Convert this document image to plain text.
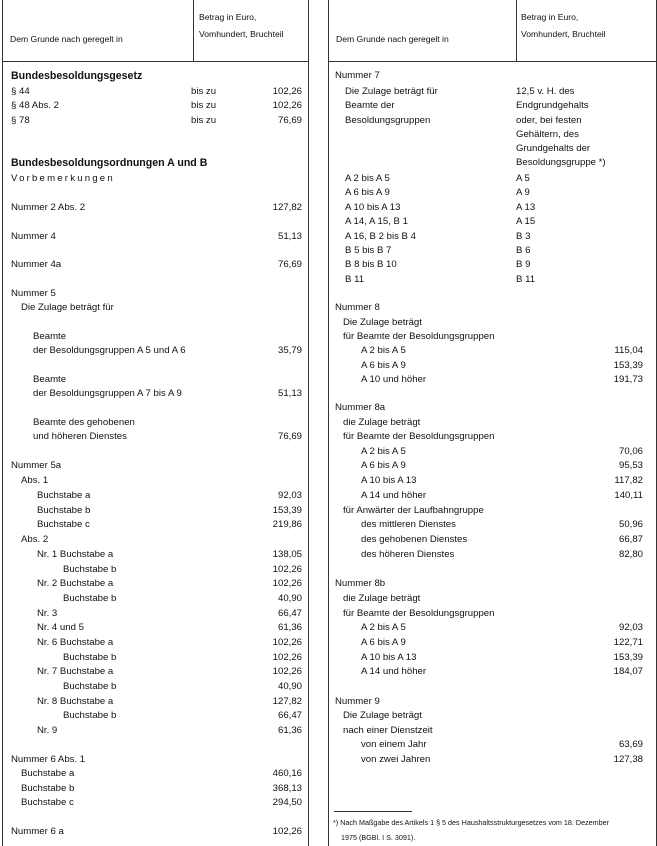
Dem Grunde nach geregelt in
Betrag in Euro,
Vomhundert, Bruchteil
Bundesbesoldungsgesetz
§ 44	bis zu	102,26
§ 48 Abs. 2	bis zu	102,26
§ 78	bis zu	76,69
Bundesbesoldungsordnungen A und B
Vorbemerkungen
Nummer 2 Abs. 2	127,82
Nummer 4	51,13
Nummer 4a	76,69
Nummer 5
Die Zulage beträgt für
Beamte
der Besoldungsgruppen A 5 und A 6	35,79
Beamte
der Besoldungsgruppen A 7 bis A 9	51,13
Beamte des gehobenen
und höheren Dienstes	76,69
Nummer 5a
Abs. 1
Buchstabe a	92,03
Buchstabe b	153,39
Buchstabe c	219,86
Abs. 2
Nr. 1 Buchstabe a	138,05
Buchstabe b	102,26
Nr. 2 Buchstabe a	102,26
Buchstabe b	40,90
Nr. 3	66,47
Nr. 4 und 5	61,36
Nr. 6 Buchstabe a	102,26
Buchstabe b	102,26
Nr. 7 Buchstabe a	102,26
Buchstabe b	40,90
Nr. 8 Buchstabe a	127,82
Buchstabe b	66,47
Nr. 9	61,36
Nummer 6 Abs. 1
Buchstabe a	460,16
Buchstabe b	368,13
Buchstabe c	294,50
Nummer 6 a	102,26
Dem Grunde nach geregelt in
Betrag in Euro,
Vomhundert, Bruchteil
Nummer 7
Die Zulage beträgt für	12,5 v. H. des
Beamte der	Endgrundgehalts
Besoldungsgruppen	oder, bei festen
Gehältern, des
Grundgehalts der
Besoldungsgruppe *)
A 2 bis A 5	A 5
A 6 bis A 9	A 9
A 10 bis A 13	A 13
A 14, A 15, B 1	A 15
A 16, B 2 bis B 4	B 3
B 5 bis B 7	B 6
B 8 bis B 10	B 9
B 11	B 11
Nummer 8
Die Zulage beträgt
für Beamte der Besoldungsgruppen
A 2 bis A 5	115,04
A 6 bis A 9	153,39
A 10 und höher	191,73
Nummer 8a
die Zulage beträgt
für Beamte der Besoldungsgruppen
A 2 bis A 5	70,06
A 6 bis A 9	95,53
A 10 bis A 13	117,82
A 14 und höher	140,11
für Anwärter der Laufbahngruppe
des mittleren Dienstes	50,96
des gehobenen Dienstes	66,87
des höheren Dienstes	82,80
Nummer 8b
die Zulage beträgt
für Beamte der Besoldungsgruppen
A 2 bis A 5	92,03
A 6 bis A 9	122,71
A 10 bis A 13	153,39
A 14 und höher	184,07
Nummer 9
Die Zulage beträgt
nach einer Dienstzeit
von einem Jahr	63,69
von zwei Jahren	127,38
*) Nach Maßgabe des Artikels 1 § 5 des Haushaltsstrukturgesetzes vom 18. Dezember
1975 (BGBl. I S. 3091).
